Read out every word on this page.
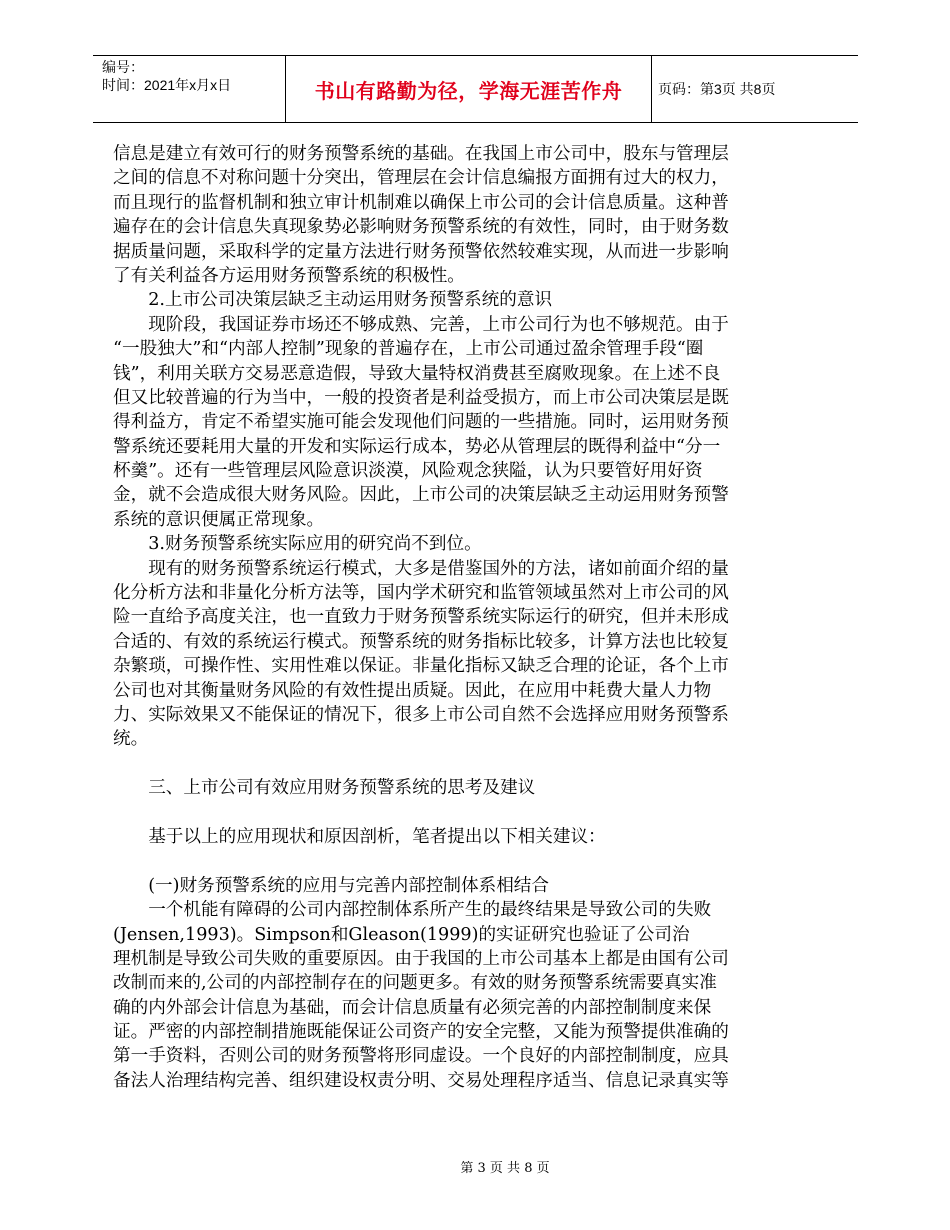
编号：
时间：2021年x月x日	书山有路勤为径，学海无涯苦作舟	页码：第3页 共8页
信息是建立有效可行的财务预警系统的基础。在我国上市公司中，股东与管理层
之间的信息不对称问题十分突出，管理层在会计信息编报方面拥有过大的权力，
而且现行的监督机制和独立审计机制难以确保上市公司的会计信息质量。这种普
遍存在的会计信息失真现象势必影响财务预警系统的有效性，同时，由于财务数
据质量问题，采取科学的定量方法进行财务预警依然较难实现，从而进一步影响
了有关利益各方运用财务预警系统的积极性。
　　2.上市公司决策层缺乏主动运用财务预警系统的意识
　　现阶段，我国证券市场还不够成熟、完善，上市公司行为也不够规范。由于
“一股独大”和“内部人控制”现象的普遍存在，上市公司通过盈余管理手段“圈
钱”，利用关联方交易恶意造假，导致大量特权消费甚至腐败现象。在上述不良
但又比较普遍的行为当中，一般的投资者是利益受损方，而上市公司决策层是既
得利益方，肯定不希望实施可能会发现他们问题的一些措施。同时，运用财务预
警系统还要耗用大量的开发和实际运行成本，势必从管理层的既得利益中“分一
杯羹”。还有一些管理层风险意识淡漠，风险观念狭隘，认为只要管好用好资
金，就不会造成很大财务风险。因此，上市公司的决策层缺乏主动运用财务预警
系统的意识便属正常现象。
　　3.财务预警系统实际应用的研究尚不到位。
　　现有的财务预警系统运行模式，大多是借鉴国外的方法，诸如前面介绍的量
化分析方法和非量化分析方法等，国内学术研究和监管领域虽然对上市公司的风
险一直给予高度关注，也一直致力于财务预警系统实际运行的研究，但并未形成
合适的、有效的系统运行模式。预警系统的财务指标比较多，计算方法也比较复
杂繁琐，可操作性、实用性难以保证。非量化指标又缺乏合理的论证，各个上市
公司也对其衡量财务风险的有效性提出质疑。因此，在应用中耗费大量人力物
力、实际效果又不能保证的情况下，很多上市公司自然不会选择应用财务预警系
统。
　　三、上市公司有效应用财务预警系统的思考及建议
　　基于以上的应用现状和原因剖析，笔者提出以下相关建议：
　　(一)财务预警系统的应用与完善内部控制体系相结合
　　一个机能有障碍的公司内部控制体系所产生的最终结果是导致公司的失败
(Jensen,1993)。Simpson和Gleason(1999)的实证研究也验证了公司治
理机制是导致公司失败的重要原因。由于我国的上市公司基本上都是由国有公司
改制而来的,公司的内部控制存在的问题更多。有效的财务预警系统需要真实准
确的内外部会计信息为基础，而会计信息质量有必须完善的内部控制制度来保
证。严密的内部控制措施既能保证公司资产的安全完整，又能为预警提供准确的
第一手资料，否则公司的财务预警将形同虚设。一个良好的内部控制制度，应具
备法人治理结构完善、组织建设权责分明、交易处理程序适当、信息记录真实等
第 3 页 共 8 页
